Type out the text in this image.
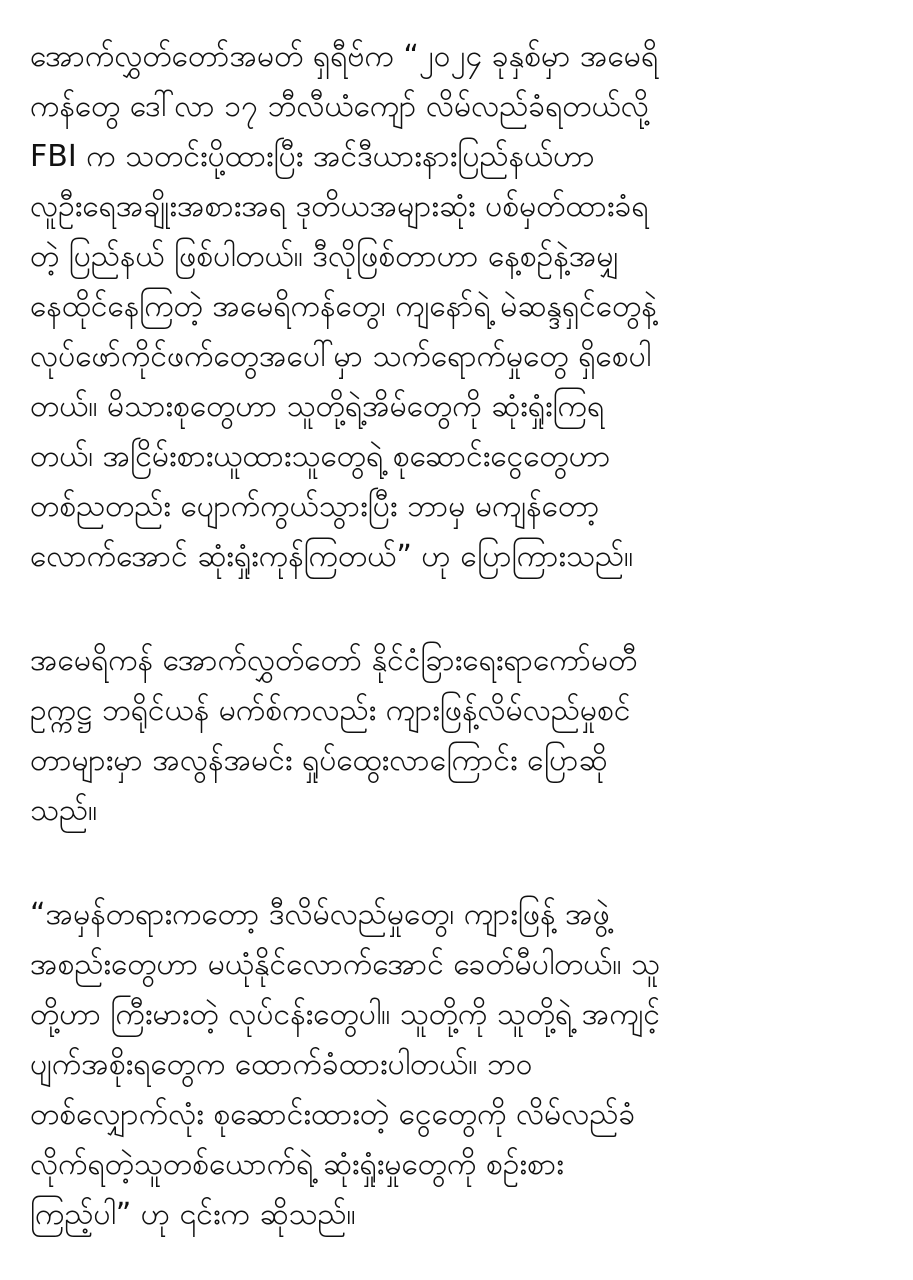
အောက်လွှတ်တော်အမတ် ရှရီဗ်က “၂၀၂၄ ခုနှစ်မှာ အမေရိ
ကန်တွေ ဒေါ်လာ ၁၇ ဘီလီယံကျော် လိမ်လည်ခံရတယ်လို့
FBI က သတင်းပို့ထားပြီး အင်ဒီယားနားပြည်နယ်ဟာ
လူဦးရေအချိုးအစားအရ ဒုတိယအများဆုံး ပစ်မှတ်ထားခံရ
တဲ့ ပြည်နယ် ဖြစ်ပါတယ်။ ဒီလိုဖြစ်တာဟာ နေ့စဉ်နဲ့အမျှ
နေထိုင်နေကြတဲ့ အမေရိကန်တွေ၊ ကျနော်ရဲ့ မဲဆန္ဒရှင်တွေနဲ့
လုပ်ဖော်ကိုင်ဖက်တွေအပေါ်မှာ သက်ရောက်မှုတွေ ရှိစေပါ
တယ်။ မိသားစုတွေဟာ သူတို့ရဲ့အိမ်တွေကို ဆုံးရှုံးကြရ
တယ်၊ အငြိမ်းစားယူထားသူတွေရဲ့ စုဆောင်းငွေတွေဟာ
တစ်ညတည်း ပျောက်ကွယ်သွားပြီး ဘာမှ မကျန်တော့
လောက်အောင် ဆုံးရှုံးကုန်ကြတယ်” ဟု ပြောကြားသည်။
အမေရိကန် အောက်လွှတ်တော် နိုင်ငံခြားရေးရာကော်မတီ
ဥက္ကဋ္ဌ ဘရိုင်ယန် မက်စ်ကလည်း ကျားဖြန့်လိမ်လည်မှုစင်
တာများမှာ အလွန်အမင်း ရှုပ်ထွေးလာကြောင်း ပြောဆို
သည်။
“အမှန်တရားကတော့ ဒီလိမ်လည်မှုတွေ၊ ကျားဖြန့် အဖွဲ့
အစည်းတွေဟာ မယုံနိုင်လောက်အောင် ခေတ်မီပါတယ်။ သူ
တို့ဟာ ကြီးမားတဲ့ လုပ်ငန်းတွေပါ။ သူတို့ကို သူတို့ရဲ့ အကျင့်
ပျက်အစိုးရတွေက ထောက်ခံထားပါတယ်။ ဘ၀
တစ်လျှောက်လုံး စုဆောင်းထားတဲ့ ငွေတွေကို လိမ်လည်ခံ
လိုက်ရတဲ့သူတစ်ယောက်ရဲ့ ဆုံးရှုံးမှုတွေကို စဉ်းစား
ကြည့်ပါ” ဟု ၎င်းက ဆိုသည်။
